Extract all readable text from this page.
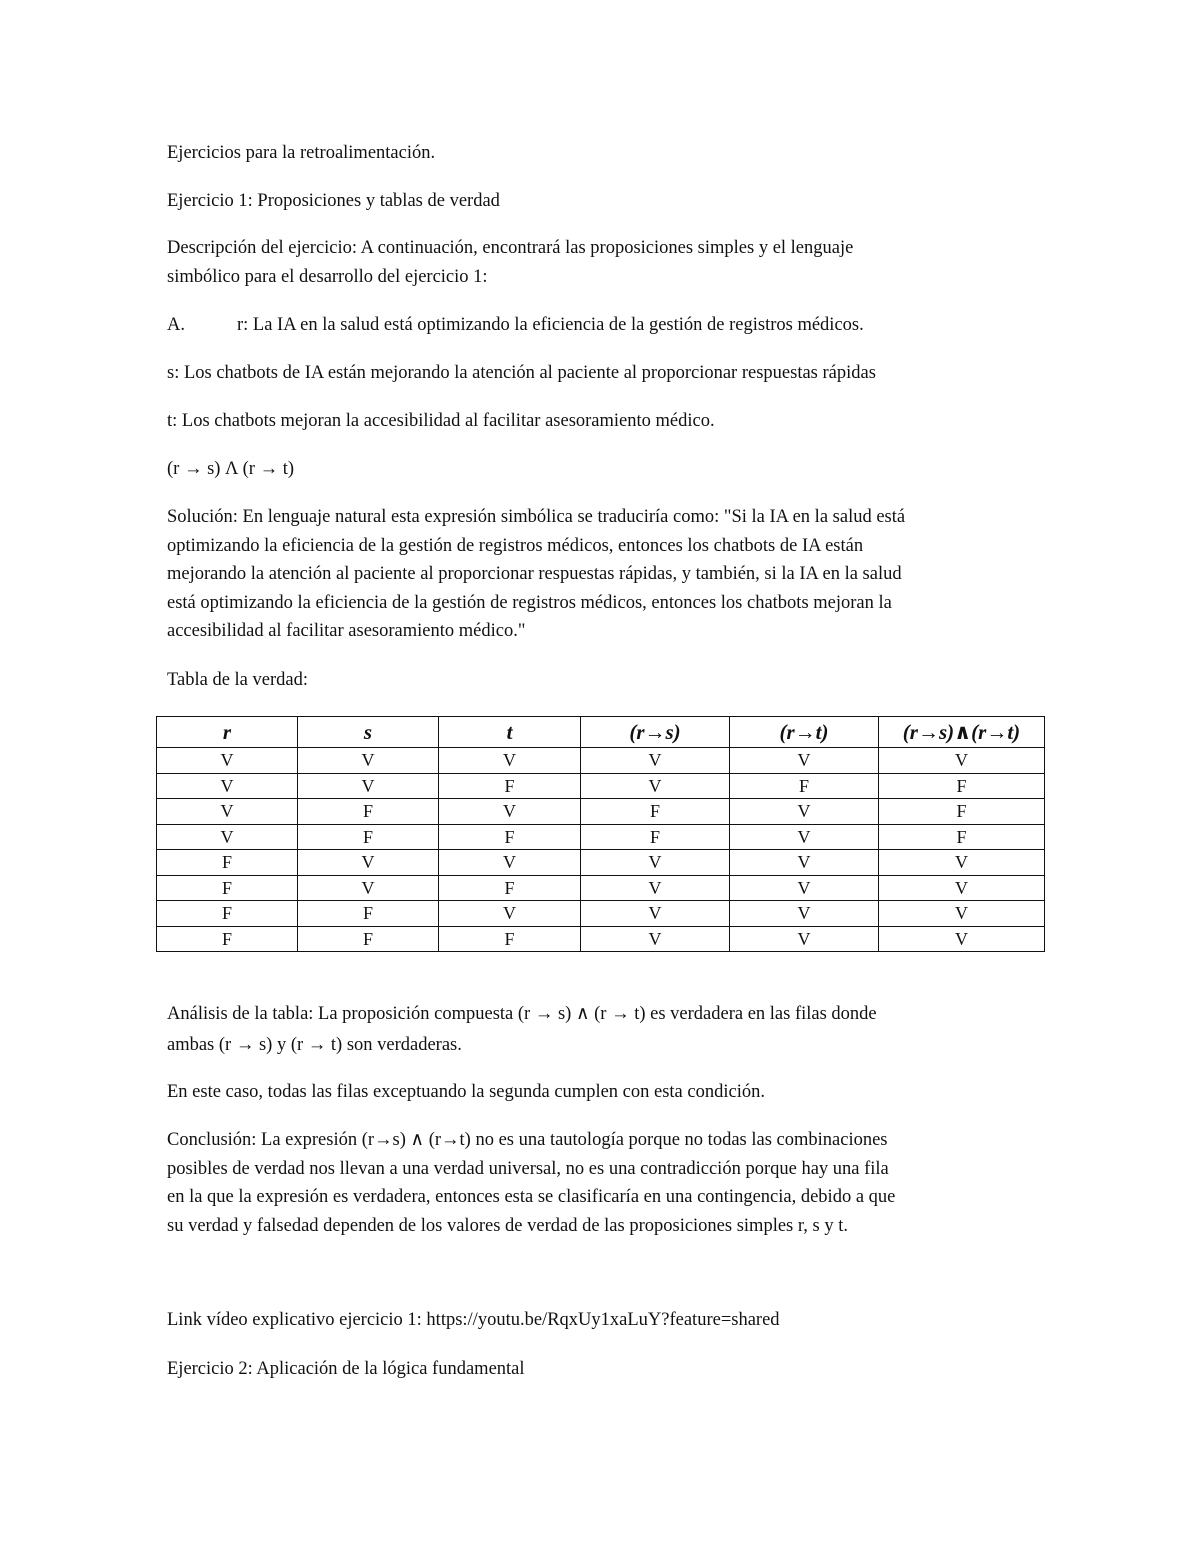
Ejercicios para la retroalimentación.

Ejercicio 1: Proposiciones y tablas de verdad

Descripción del ejercicio: A continuación, encontrará las proposiciones simples y el lenguaje
simbólico para el desarrollo del ejercicio 1:

A.	r: La IA en la salud está optimizando la eficiencia de la gestión de registros médicos.

s: Los chatbots de IA están mejorando la atención al paciente al proporcionar respuestas rápidas

t: Los chatbots mejoran la accesibilidad al facilitar asesoramiento médico.

(r → s) Λ (r → t)

Solución: En lenguaje natural esta expresión simbólica se traduciría como: "Si la IA en la salud está
optimizando la eficiencia de la gestión de registros médicos, entonces los chatbots de IA están
mejorando la atención al paciente al proporcionar respuestas rápidas, y también, si la IA en la salud
está optimizando la eficiencia de la gestión de registros médicos, entonces los chatbots mejoran la
accesibilidad al facilitar asesoramiento médico."

Tabla de la verdad:

r	s	t	(r→s)	(r→t)	(r→s)∧(r→t)
V	V	V	V	V	V
V	V	F	V	F	F
V	F	V	F	V	F
V	F	F	F	V	F
F	V	V	V	V	V
F	V	F	V	V	V
F	F	V	V	V	V
F	F	F	V	V	V

Análisis de la tabla: La proposición compuesta (r → s) ∧ (r → t) es verdadera en las filas donde
ambas (r → s) y (r → t) son verdaderas.

En este caso, todas las filas exceptuando la segunda cumplen con esta condición.

Conclusión: La expresión (r→s) ∧ (r→t) no es una tautología porque no todas las combinaciones
posibles de verdad nos llevan a una verdad universal, no es una contradicción porque hay una fila
en la que la expresión es verdadera, entonces esta se clasificaría en una contingencia, debido a que
su verdad y falsedad dependen de los valores de verdad de las proposiciones simples r, s y t.

Link vídeo explicativo ejercicio 1: https://youtu.be/RqxUy1xaLuY?feature=shared

Ejercicio 2: Aplicación de la lógica fundamental
